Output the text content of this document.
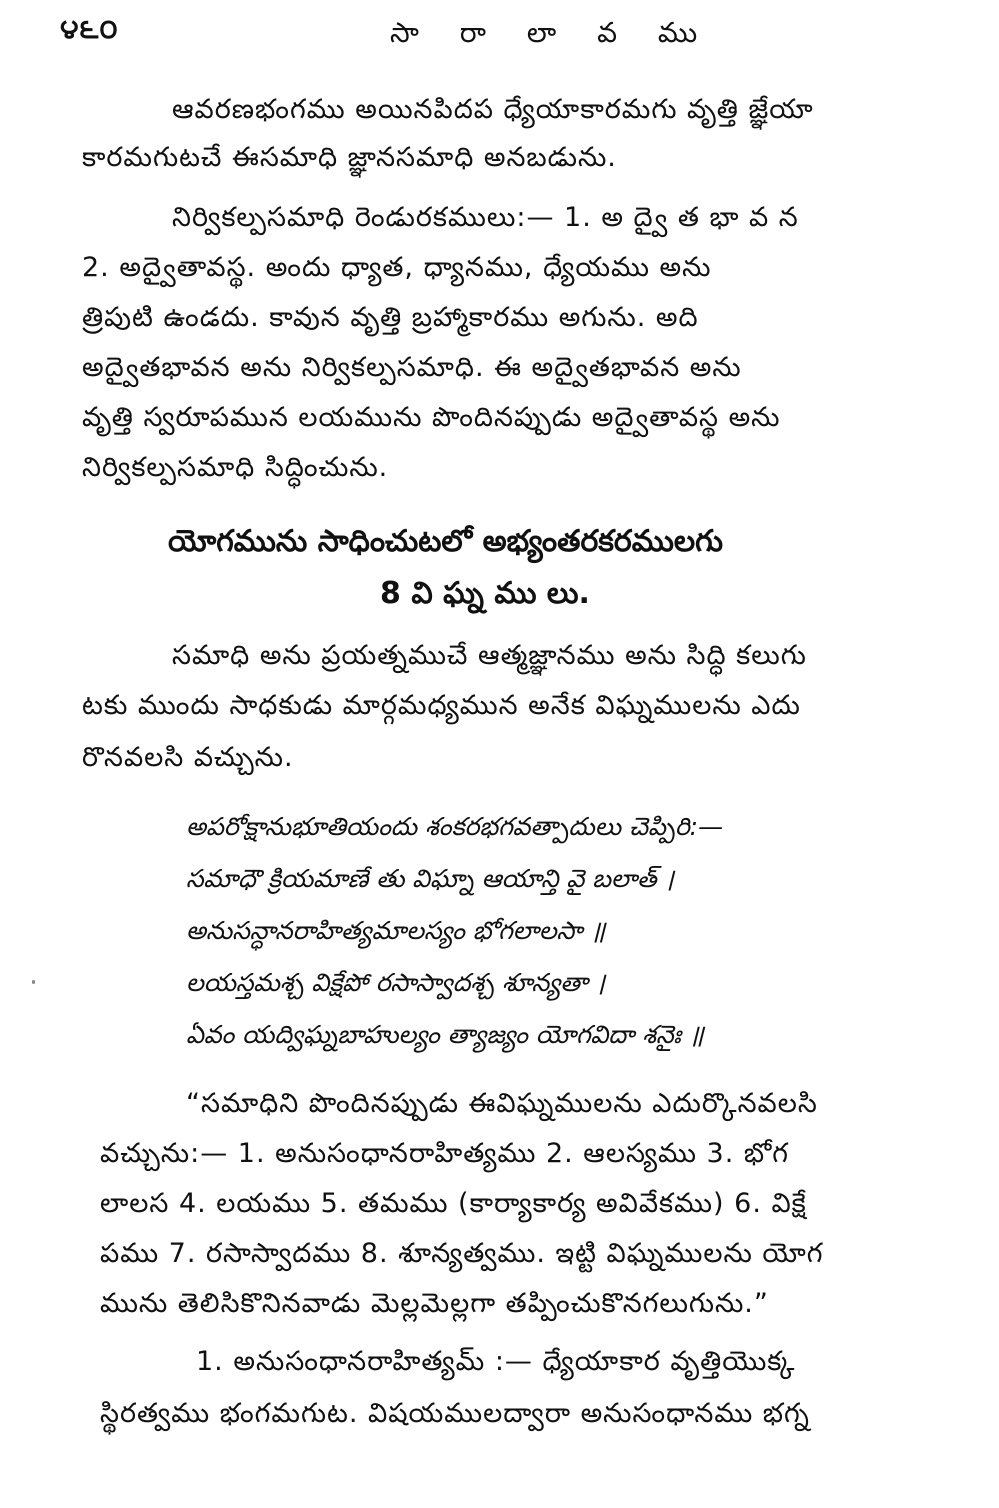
౪౬౦	సా రా లా వ ము
ఆవరణభంగము అయినపిదప ధ్యేయాకారమగు వృత్తి జ్ఞేయా
కారమగుటచే ఈసమాధి జ్ఞానసమాధి అనబడును.
నిర్వికల్పసమాధి రెండురకములు:— 1. అ ద్వై త భా వ న
2. అద్వైతావస్థ. అందు ధ్యాత, ధ్యానము, ధ్యేయము అను
త్రిపుటి ఉండదు. కావున వృత్తి బ్రహ్మాకారము అగును. అది
అద్వైతభావన అను నిర్వికల్పసమాధి. ఈ అద్వైతభావన అను
వృత్తి స్వరూపమున లయమును పొందినప్పుడు అద్వైతావస్థ అను
నిర్వికల్పసమాధి సిద్ధించును.
యోగమును సాధించుటలో అభ్యంతరకరములగు
8 వి ఘ్న ము లు.
సమాధి అను ప్రయత్నముచే ఆత్మజ్ఞానము అను సిద్ధి కలుగు
టకు ముందు సాధకుడు మార్గమధ్యమున అనేక విఘ్నములను ఎదు
రొనవలసి వచ్చును.
అపరోక్షానుభూతియందు శంకరభగవత్పాదులు చెప్పిరి:—
సమాధౌ క్రియమాణే తు విఘ్నా ఆయాన్తి వై బలాత్ ।
అనుసన్ధానరాహిత్యమాలస్యం భోగలాలసా ॥
లయస్తమశ్చ విక్షేపో రసాస్వాదశ్చ శూన్యతా ।
ఏవం యద్విఘ్నబాహుల్యం త్యాజ్యం యోగవిదా శనైః ॥
“సమాధిని పొందినప్పుడు ఈవిఘ్నములను ఎదుర్కొనవలసి
వచ్చును:— 1. అనుసంధానరాహిత్యము 2. ఆలస్యము 3. భోగ
లాలస 4. లయము 5. తమము (కార్యాకార్య అవివేకము) 6. విక్షే
పము 7. రసాస్వాదము 8. శూన్యత్వము. ఇట్టి విఘ్నములను యోగ
మును తెలిసికొనినవాడు మెల్లమెల్లగా తప్పించుకొనగలుగును.”
1. అనుసంధానరాహిత్యమ్ :— ధ్యేయాకార వృత్తియొక్క
స్థిరత్వము భంగమగుట. విషయములద్వారా అనుసంధానము భగ్న
